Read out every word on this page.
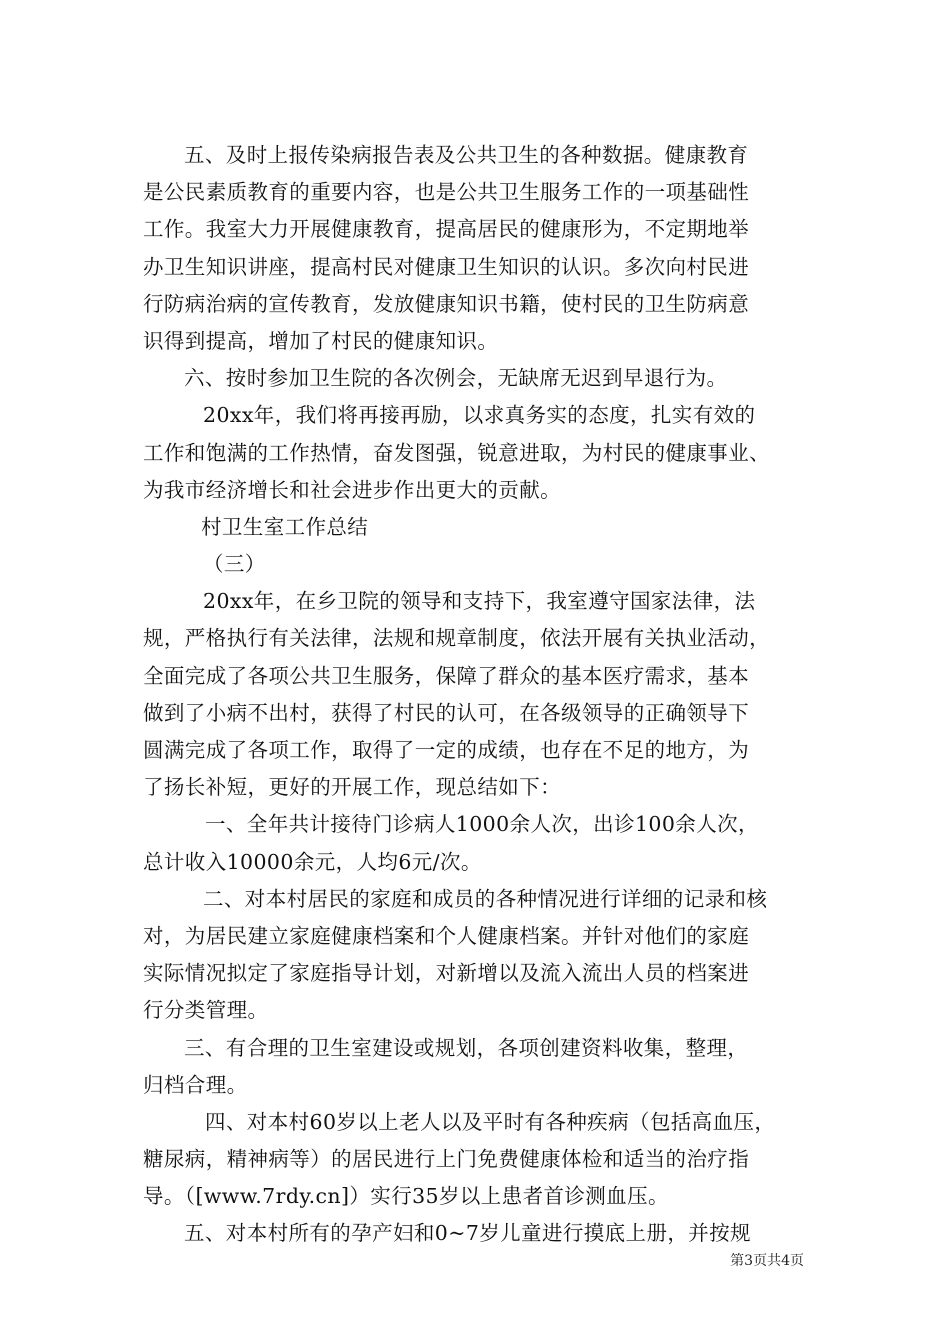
五、及时上报传染病报告表及公共卫生的各种数据。健康教育
是公民素质教育的重要内容，也是公共卫生服务工作的一项基础性
工作。我室大力开展健康教育，提高居民的健康形为，不定期地举
办卫生知识讲座，提高村民对健康卫生知识的认识。多次向村民进
行防病治病的宣传教育，发放健康知识书籍，使村民的卫生防病意
识得到提高，增加了村民的健康知识。
六、按时参加卫生院的各次例会，无缺席无迟到早退行为。
20xx年，我们将再接再励，以求真务实的态度，扎实有效的
工作和饱满的工作热情，奋发图强，锐意进取，为村民的健康事业、
为我市经济增长和社会进步作出更大的贡献。
村卫生室工作总结
（三）
20xx年，在乡卫院的领导和支持下，我室遵守国家法律，法
规，严格执行有关法律，法规和规章制度，依法开展有关执业活动，
全面完成了各项公共卫生服务，保障了群众的基本医疗需求，基本
做到了小病不出村，获得了村民的认可，在各级领导的正确领导下
圆满完成了各项工作，取得了一定的成绩，也存在不足的地方，为
了扬长补短，更好的开展工作，现总结如下：
一、全年共计接待门诊病人1000余人次，出诊100余人次，
总计收入10000余元，人均6元/次。
二、对本村居民的家庭和成员的各种情况进行详细的记录和核
对，为居民建立家庭健康档案和个人健康档案。并针对他们的家庭
实际情况拟定了家庭指导计划，对新增以及流入流出人员的档案进
行分类管理。
三、有合理的卫生室建设或规划，各项创建资料收集，整理，
归档合理。
四、对本村60岁以上老人以及平时有各种疾病（包括高血压，
糖尿病，精神病等）的居民进行上门免费健康体检和适当的治疗指
导。（[www.7rdy.cn]）实行35岁以上患者首诊测血压。
五、对本村所有的孕产妇和0~7岁儿童进行摸底上册，并按规
第3页共4页
